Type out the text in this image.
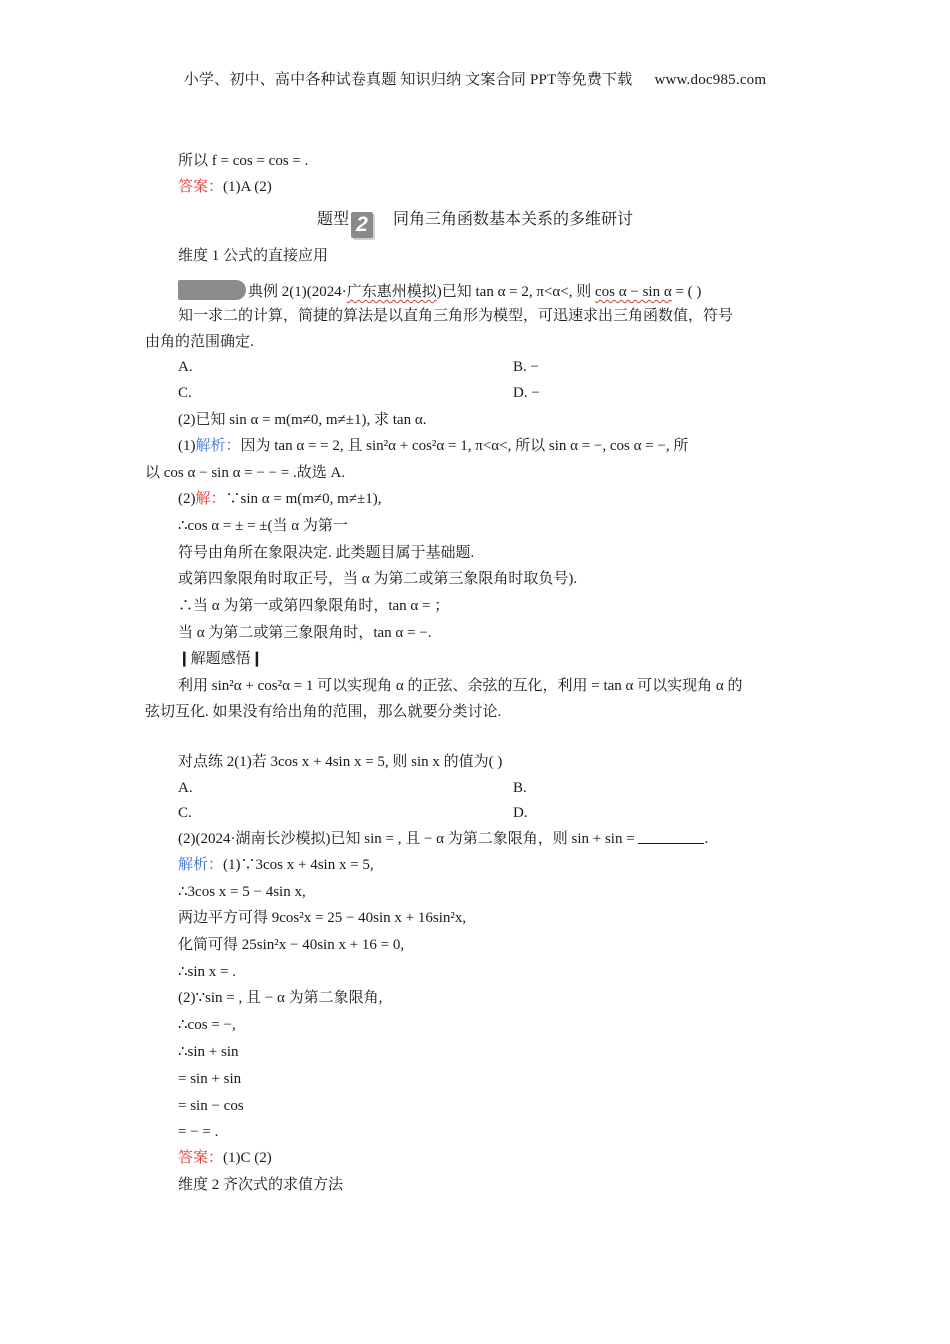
小学、初中、高中各种试卷真题 知识归纳 文案合同 PPT等免费下载 www.doc985.com
所以 f = cos = cos = .
答案：(1)A (2)
题型 2 同角三角函数基本关系的多维研讨
维度 1 公式的直接应用
典例 2(1)(2024·广东惠州模拟)已知 tan α = 2, π<α<, 则 cos α − sin α = ( )
知一求二的计算，简捷的算法是以直角三角形为模型，可迅速求出三角函数值，符号
由角的范围确定.
A.	B. −
C.	D. −
(2)已知 sin α = m(m≠0, m≠±1), 求 tan α.
(1)解析：因为 tan α = = 2, 且 sin²α + cos²α = 1, π<α<, 所以 sin α = −, cos α = −, 所
以 cos α − sin α = − − = .故选 A.
(2)解：∵sin α = m(m≠0, m≠±1),
∴cos α = ± = ±(当 α 为第一
符号由角所在象限决定. 此类题目属于基础题.
或第四象限角时取正号，当 α 为第二或第三象限角时取负号).
∴当 α 为第一或第四象限角时，tan α = ；
当 α 为第二或第三象限角时，tan α = −.
❙解题感悟❙
利用 sin²α + cos²α = 1 可以实现角 α 的正弦、余弦的互化，利用 = tan α 可以实现角 α 的
弦切互化. 如果没有给出角的范围，那么就要分类讨论.
对点练 2(1)若 3cos x + 4sin x = 5, 则 sin x 的值为( )
A.	B.
C.	D.
(2)(2024·湖南长沙模拟)已知 sin = , 且 − α 为第二象限角，则 sin + sin =	.
解析：(1)∵3cos x + 4sin x = 5,
∴3cos x = 5 − 4sin x,
两边平方可得 9cos²x = 25 − 40sin x + 16sin²x,
化简可得 25sin²x − 40sin x + 16 = 0,
∴sin x = .
(2)∵sin = , 且 − α 为第二象限角,
∴cos = −,
∴sin + sin
= sin + sin
= sin − cos
= − = .
答案：(1)C (2)
维度 2 齐次式的求值方法
